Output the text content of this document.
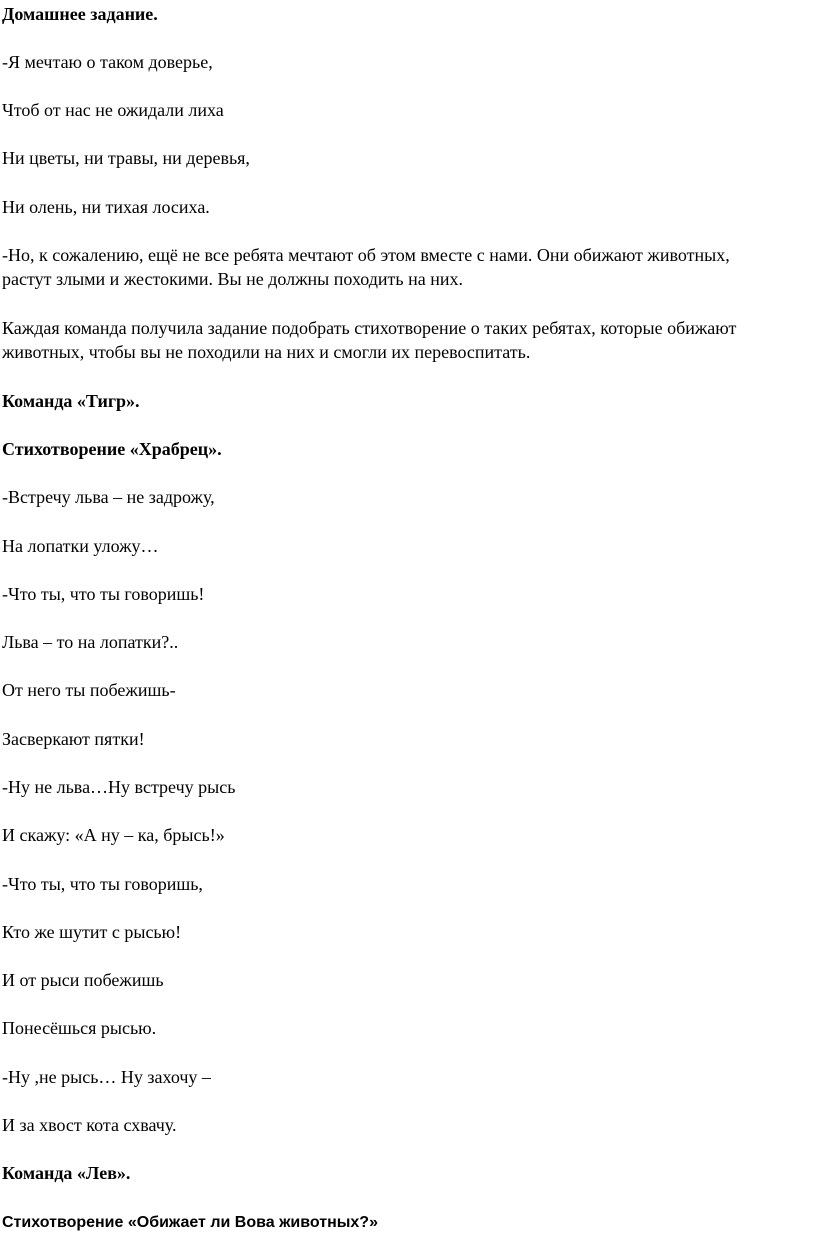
Домашнее задание.
-Я мечтаю о таком доверье,
Чтоб от нас не ожидали лиха
Ни цветы, ни травы, ни деревья,
Ни олень, ни тихая лосиха.
-Но, к сожалению, ещё не все ребята мечтают об этом вместе с нами. Они обижают животных, растут злыми и жестокими. Вы не должны походить на них.
Каждая команда получила задание подобрать стихотворение о таких ребятах, которые обижают животных, чтобы вы не походили на них и смогли их перевоспитать.
Команда «Тигр».
Стихотворение «Храбрец».
-Встречу льва – не задрожу,
На лопатки уложу…
-Что ты, что ты говоришь!
Льва – то на лопатки?..
От него ты побежишь-
Засверкают пятки!
-Ну не льва…Ну встречу рысь
И скажу: «А ну – ка, брысь!»
-Что ты, что ты говоришь,
Кто же шутит с рысью!
И от рыси побежишь
Понесёшься рысью.
-Ну ,не рысь… Ну захочу –
И за хвост кота схвачу.
Команда «Лев».
Стихотворение «Обижает ли Вова животных?»
